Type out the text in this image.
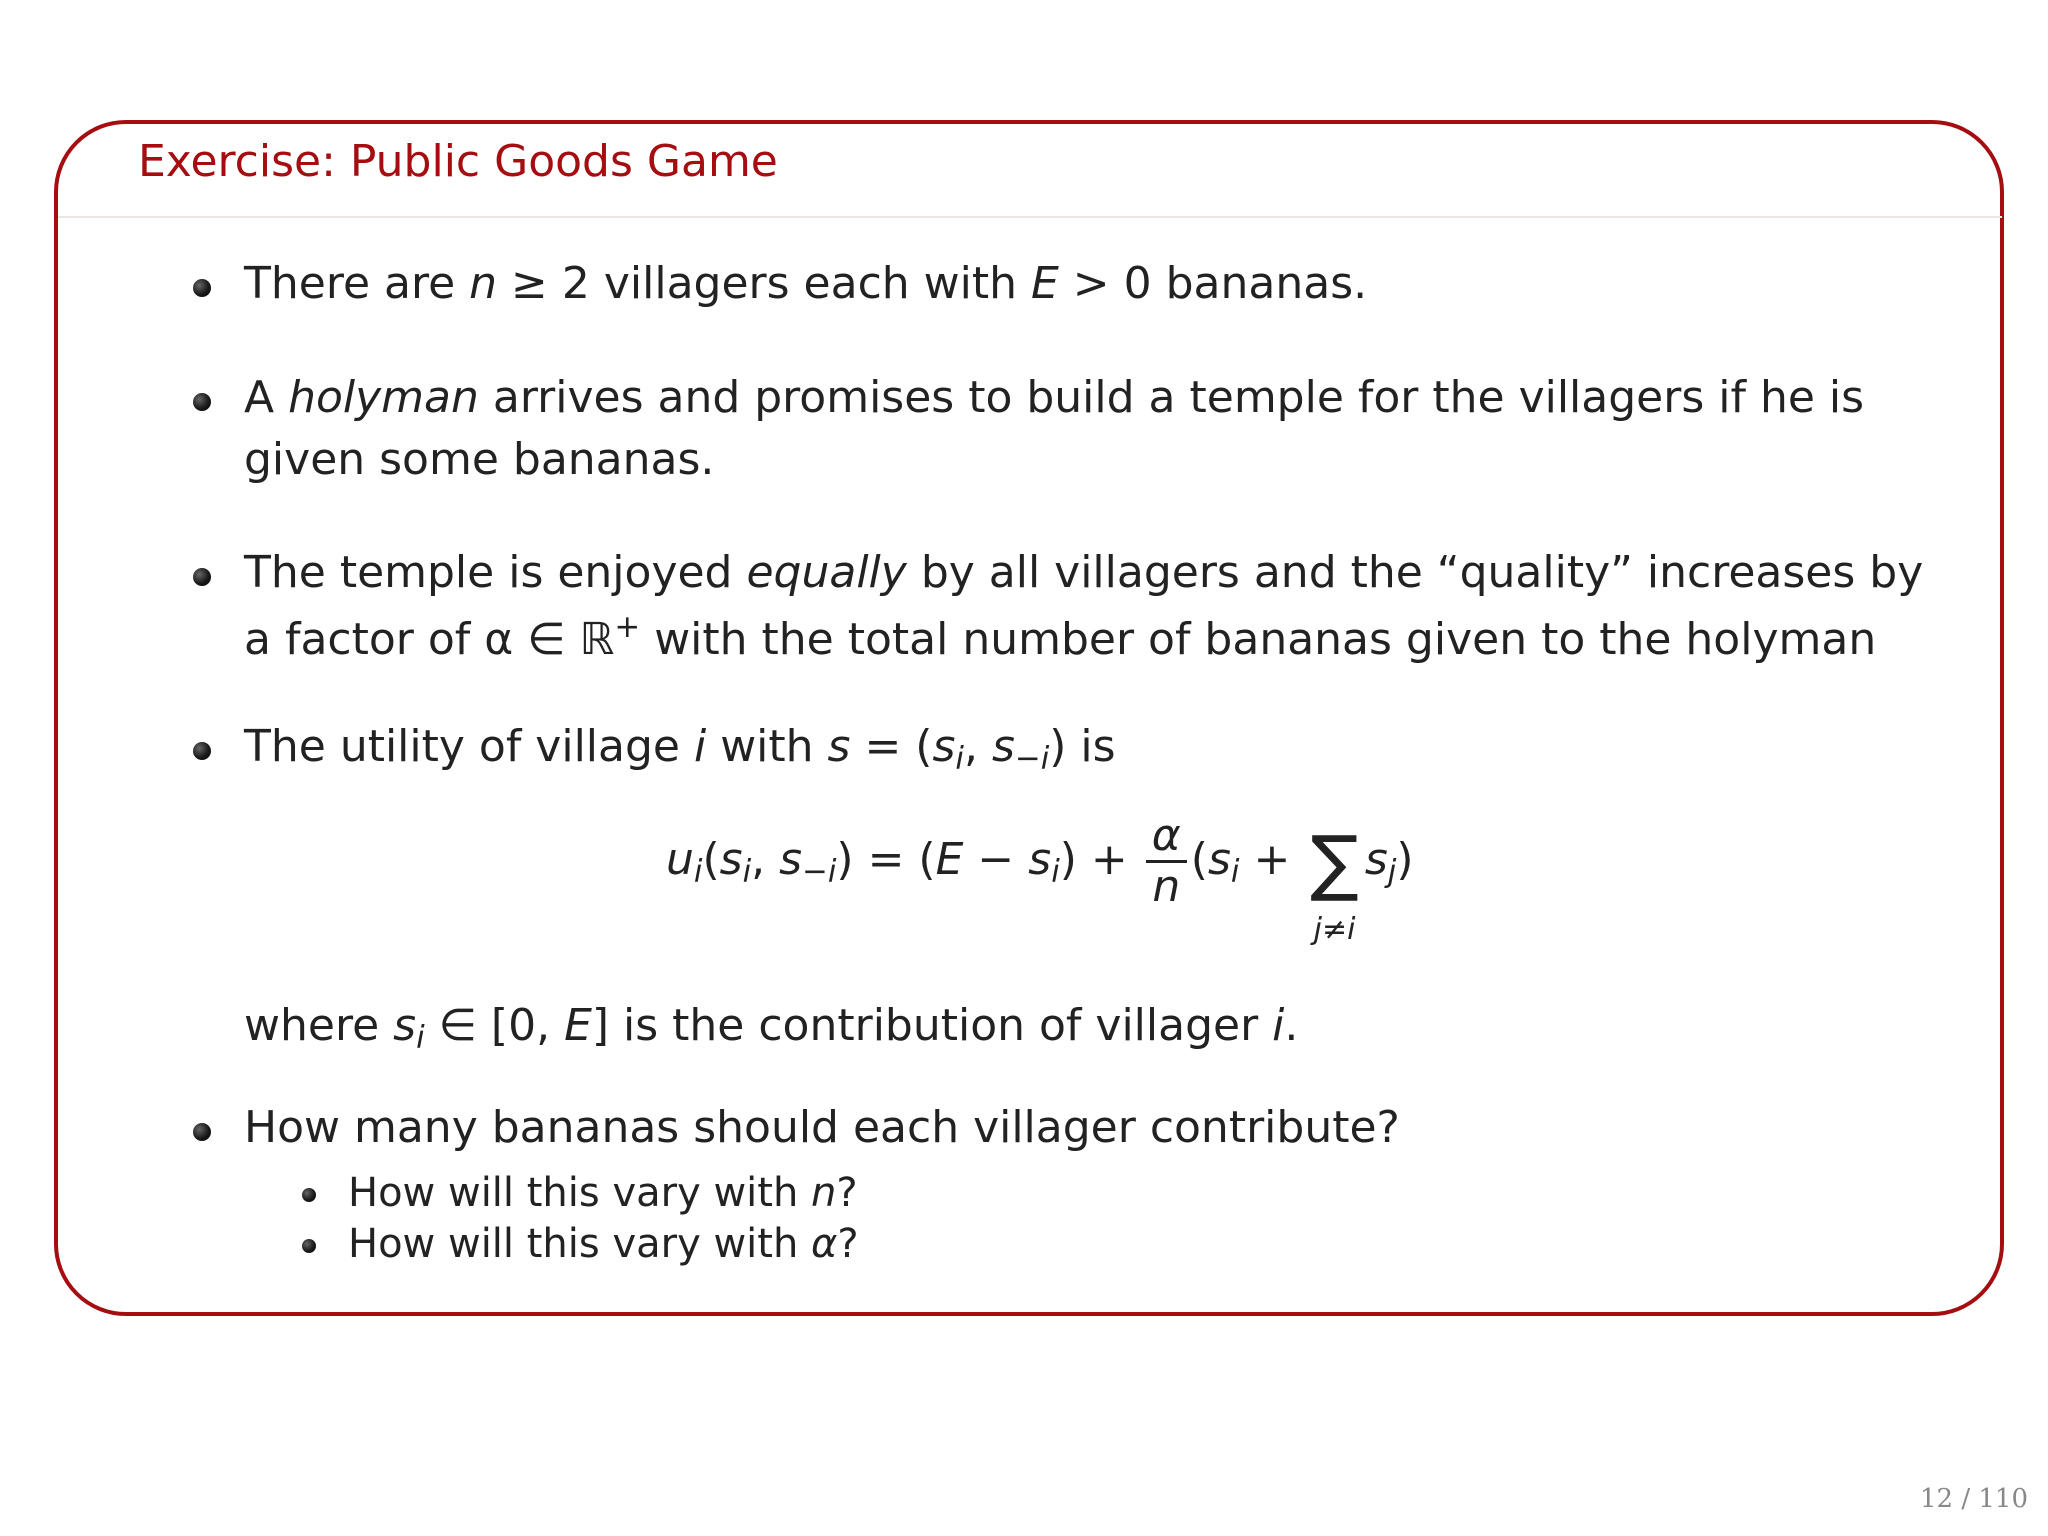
Exercise: Public Goods Game
There are n ≥ 2 villagers each with E > 0 bananas.
A holyman arrives and promises to build a temple for the villagers if he is
given some bananas.
The temple is enjoyed equally by all villagers and the “quality” increases by
a factor of α ∈ ℝ+ with the total number of bananas given to the holyman
The utility of village i with $s = (s_i$, $s_{-i}$) is
$u_i(s_i$, $s_{-i}) = (E - s_i) + \frac{\alpha}{n} (s_i$ + ∑
j≠i
$s_j$)
where $s_i$ ∈ [0, E] is the contribution of villager i.
How many bananas should each villager contribute?
How will this vary with n?
How will this vary with α?
12 / 110
